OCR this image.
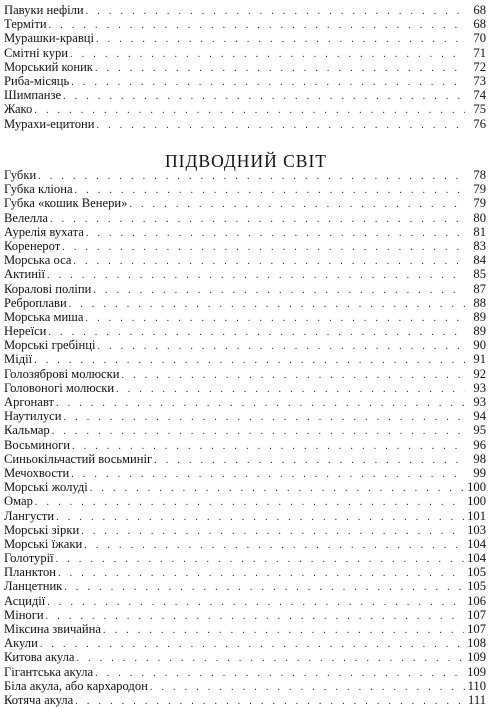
Павуки нефіли . . .	68
Терміти . . .	68
Мурашки-кравці . . .	70
Смітні кури . . .	71
Морський коник . . .	72
Риба-місяць . . .	73
Шимпанзе . . .	74
Жако . . .	75
Мурахи-ецитони . . .	76
ПІДВОДНИЙ СВІТ
Губки . . .	78
Губка кліона . . .	79
Губка «кошик Венери» . . .	79
Велелла . . .	80
Аурелія вухата . . .	81
Коренерот . . .	83
Морська оса . . .	84
Актинії . . .	85
Коралові поліпи . . .	87
Реброплави . . .	88
Морська миша . . .	89
Нереїси . . .	89
Морські гребінці . . .	90
Мідії . . .	91
Голозяброві молюски . . .	92
Головоногі молюски . . .	93
Аргонавт . . .	93
Наутилуси . . .	94
Кальмар . . .	95
Восьминоги . . .	96
Синьокільчастий восьминіг . . .	98
Мечохвости . . .	99
Морські жолуді . . .	100
Омар . . .	100
Лангусти . . .	101
Морські зірки . . .	103
Морські їжаки . . .	104
Голотурії . . .	104
Планктон . . .	105
Ланцетник . . .	105
Асцидії . . .	106
Міноги . . .	107
Міксина звичайна . . .	107
Акули . . .	108
Китова акула . . .	109
Гігантська акула . . .	109
Біла акула, або кархародон . . .	110
Котяча акула . . .	111
